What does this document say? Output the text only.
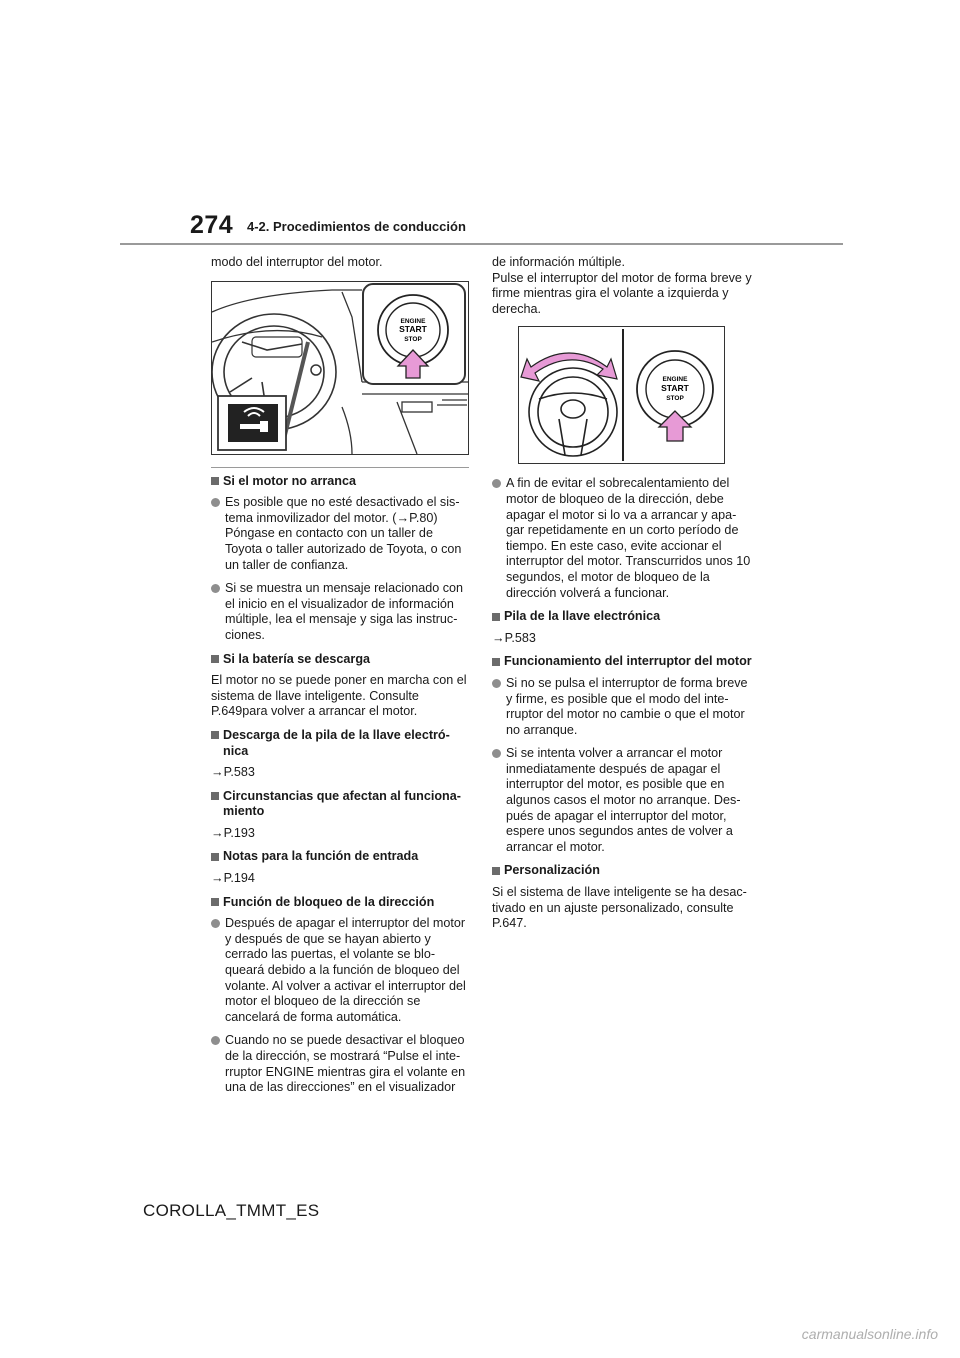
274 4-2. Procedimientos de conducción

modo del interruptor del motor.

ENGINE
START
STOP
Si el motor no arranca
Es posible que no esté desactivado el sis-tema inmovilizador del motor. (→P.80) Póngase en contacto con un taller de Toyota o taller autorizado de Toyota, o con un taller de confianza.
Si se muestra un mensaje relacionado con el inicio en el visualizador de información múltiple, lea el mensaje y siga las instruc-ciones.
Si la batería se descarga

El motor no se puede poner en marcha con el sistema de llave inteligente. Consulte P.649para volver a arrancar el motor.

Descarga de la pila de la llave electró-nica
→P.583
Circunstancias que afectan al funciona-miento
→P.193
Notas para la función de entrada
→P.194
Función de bloqueo de la dirección
Después de apagar el interruptor del motor y después de que se hayan abierto y cerrado las puertas, el volante se blo-queará debido a la función de bloqueo del volante. Al volver a activar el interruptor del motor el bloqueo de la dirección se cancelará de forma automática.
Cuando no se puede desactivar el bloqueo de la dirección, se mostrará “Pulse el inte-rruptor ENGINE mientras gira el volante en una de las direcciones” en el visualizador
de información múltiple.
Pulse el interruptor del motor de forma breve y firme mientras gira el volante a izquierda y derecha.
ENGINE
START
STOP
A fin de evitar el sobrecalentamiento del motor de bloqueo de la dirección, debe apagar el motor si lo va a arrancar y apa-gar repetidamente en un corto período de tiempo. En este caso, evite accionar el interruptor del motor. Transcurridos unos 10 segundos, el motor de bloqueo de la dirección volverá a funcionar.
Pila de la llave electrónica
→P.583
Funcionamiento del interruptor del motor
Si no se pulsa el interruptor de forma breve y firme, es posible que el modo del inte-rruptor del motor no cambie o que el motor no arranque.
Si se intenta volver a arrancar el motor inmediatamente después de apagar el interruptor del motor, es posible que en algunos casos el motor no arranque. Des-pués de apagar el interruptor del motor, espere unos segundos antes de volver a arrancar el motor.
Personalización

Si el sistema de llave inteligente se ha desac-tivado en un ajuste personalizado, consulte P.647.

COROLLA_TMMT_ES
carmanualsonline.info
